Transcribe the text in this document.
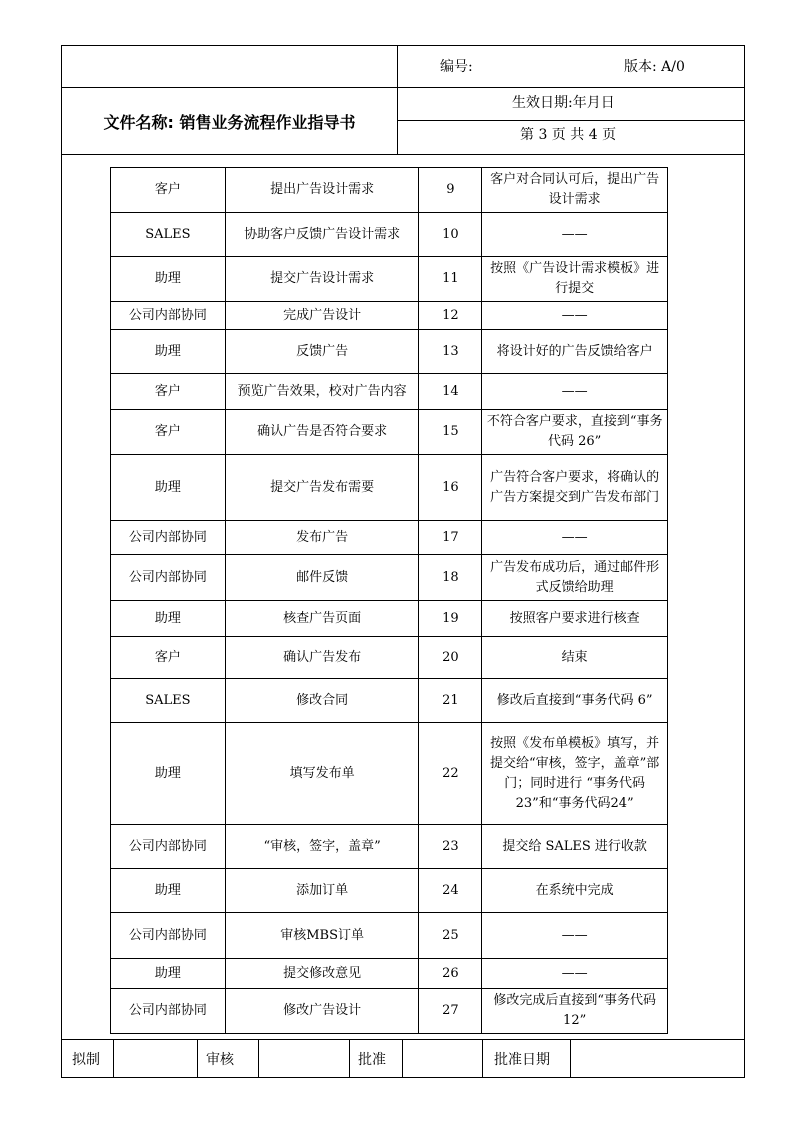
编号:	版本: A/0
文件名称: 销售业务流程作业指导书
生效日期:年月日
第 3 页 共 4 页
拟制	审核	批准	批准日期
客户	提出广告设计需求	9	客户对合同认可后，提出广告设计需求
SALES	协助客户反馈广告设计需求	10	——
助理	提交广告设计需求	11	按照《广告设计需求模板》进行提交
公司内部协同	完成广告设计	12	——
助理	反馈广告	13	将设计好的广告反馈给客户
客户	预览广告效果，校对广告内容	14	——
客户	确认广告是否符合要求	15	不符合客户要求，直接到“事务代码 26”
助理	提交广告发布需要	16	广告符合客户要求，将确认的广告方案提交到广告发布部门
公司内部协同	发布广告	17	——
公司内部协同	邮件反馈	18	广告发布成功后，通过邮件形式反馈给助理
助理	核查广告页面	19	按照客户要求进行核查
客户	确认广告发布	20	结束
SALES	修改合同	21	修改后直接到“事务代码 6”
助理	填写发布单	22	按照《发布单模板》填写，并提交给“审核，签字，盖章”部门；同时进行 “事务代码23”和“事务代码24”
公司内部协同	“审核，签字，盖章”	23	提交给 SALES 进行收款
助理	添加订单	24	在系统中完成
公司内部协同	审核MBS订单	25	——
助理	提交修改意见	26	——
公司内部协同	修改广告设计	27	修改完成后直接到“事务代码 12”
